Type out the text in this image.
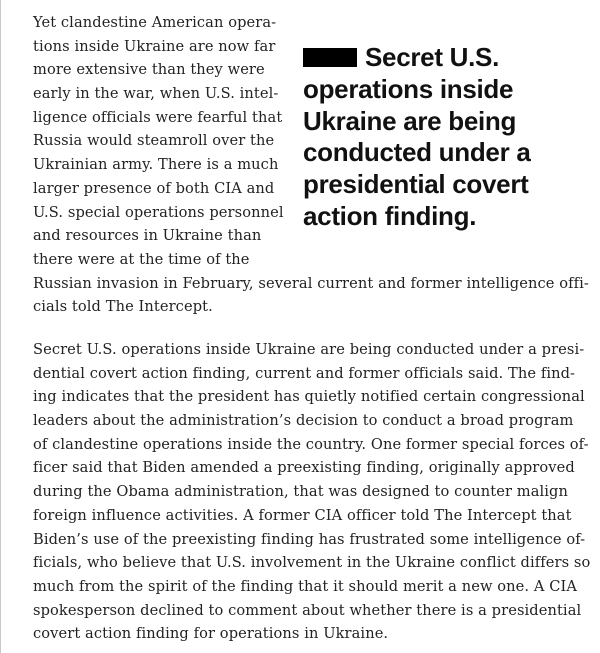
Yet clandestine American opera-
tions inside Ukraine are now far
more extensive than they were
early in the war, when U.S. intel-
ligence officials were fearful that
Russia would steamroll over the
Ukrainian army. There is a much
larger presence of both CIA and
U.S. special operations personnel
and resources in Ukraine than
there were at the time of the
Russian invasion in February, several current and former intelligence offi-
cials told The Intercept.
Secret U.S. operations inside Ukraine are being conducted under a presi-
dential covert action finding, current and former officials said. The find-
ing indicates that the president has quietly notified certain congressional
leaders about the administration’s decision to conduct a broad program
of clandestine operations inside the country. One former special forces of-
ficer said that Biden amended a preexisting finding, originally approved
during the Obama administration, that was designed to counter malign
foreign influence activities. A former CIA officer told The Intercept that
Biden’s use of the preexisting finding has frustrated some intelligence of-
ficials, who believe that U.S. involvement in the Ukraine conflict differs so
much from the spirit of the finding that it should merit a new one. A CIA
spokesperson declined to comment about whether there is a presidential
covert action finding for operations in Ukraine.
Secret U.S.
operations inside
Ukraine are being
conducted under a
presidential covert
action finding.
